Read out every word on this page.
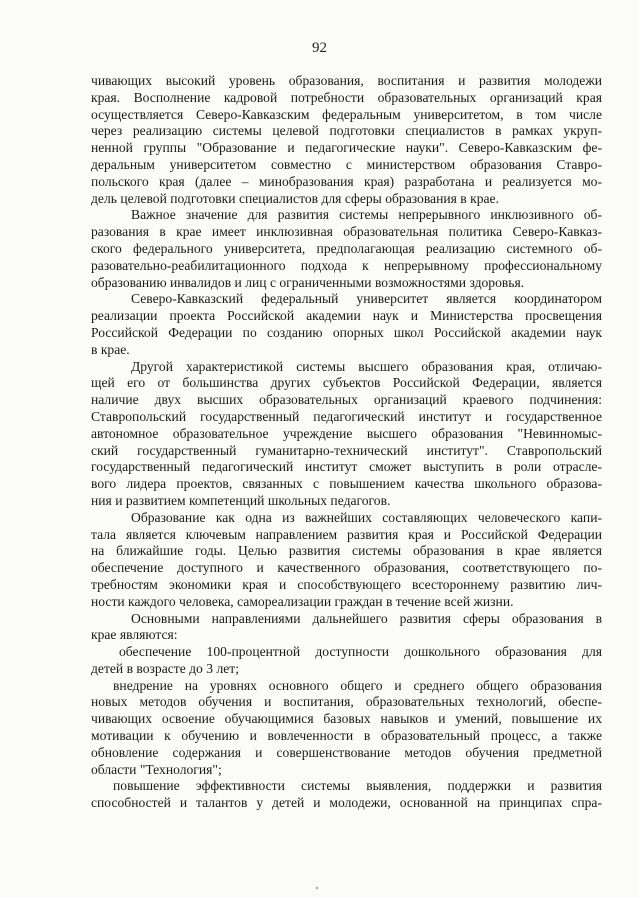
92
чивающих высокий уровень образования, воспитания и развития молодежи
края. Восполнение кадровой потребности образовательных организаций края
осуществляется Северо-Кавказским федеральным университетом, в том числе
через реализацию системы целевой подготовки специалистов в рамках укруп-
ненной группы "Образование и педагогические науки". Северо-Кавказским фе-
деральным университетом совместно с министерством образования Ставро-
польского края (далее – минобразования края) разработана и реализуется мо-
дель целевой подготовки специалистов для сферы образования в крае.
Важное значение для развития системы непрерывного инклюзивного об-
разования в крае имеет инклюзивная образовательная политика Северо-Кавказ-
ского федерального университета, предполагающая реализацию системного об-
разовательно-реабилитационного подхода к непрерывному профессиональному
образованию инвалидов и лиц с ограниченными возможностями здоровья.
Северо-Кавказский федеральный университет является координатором
реализации проекта Российской академии наук и Министерства просвещения
Российской Федерации по созданию опорных школ Российской академии наук
в крае.
Другой характеристикой системы высшего образования края, отличаю-
щей его от большинства других субъектов Российской Федерации, является
наличие двух высших образовательных организаций краевого подчинения:
Ставропольский государственный педагогический институт и государственное
автономное образовательное учреждение высшего образования "Невинномыс-
ский государственный гуманитарно-технический институт". Ставропольский
государственный педагогический институт сможет выступить в роли отрасле-
вого лидера проектов, связанных с повышением качества школьного образова-
ния и развитием компетенций школьных педагогов.
Образование как одна из важнейших составляющих человеческого капи-
тала является ключевым направлением развития края и Российской Федерации
на ближайшие годы. Целью развития системы образования в крае является
обеспечение доступного и качественного образования, соответствующего по-
требностям экономики края и способствующего всестороннему развитию лич-
ности каждого человека, самореализации граждан в течение всей жизни.
Основными направлениями дальнейшего развития сферы образования в
крае являются:
обеспечение 100-процентной доступности дошкольного образования для
детей в возрасте до 3 лет;
внедрение на уровнях основного общего и среднего общего образования
новых методов обучения и воспитания, образовательных технологий, обеспе-
чивающих освоение обучающимися базовых навыков и умений, повышение их
мотивации к обучению и вовлеченности в образовательный процесс, а также
обновление содержания и совершенствование методов обучения предметной
области "Технология";
повышение эффективности системы выявления, поддержки и развития
способностей и талантов у детей и молодежи, основанной на принципах спра-
